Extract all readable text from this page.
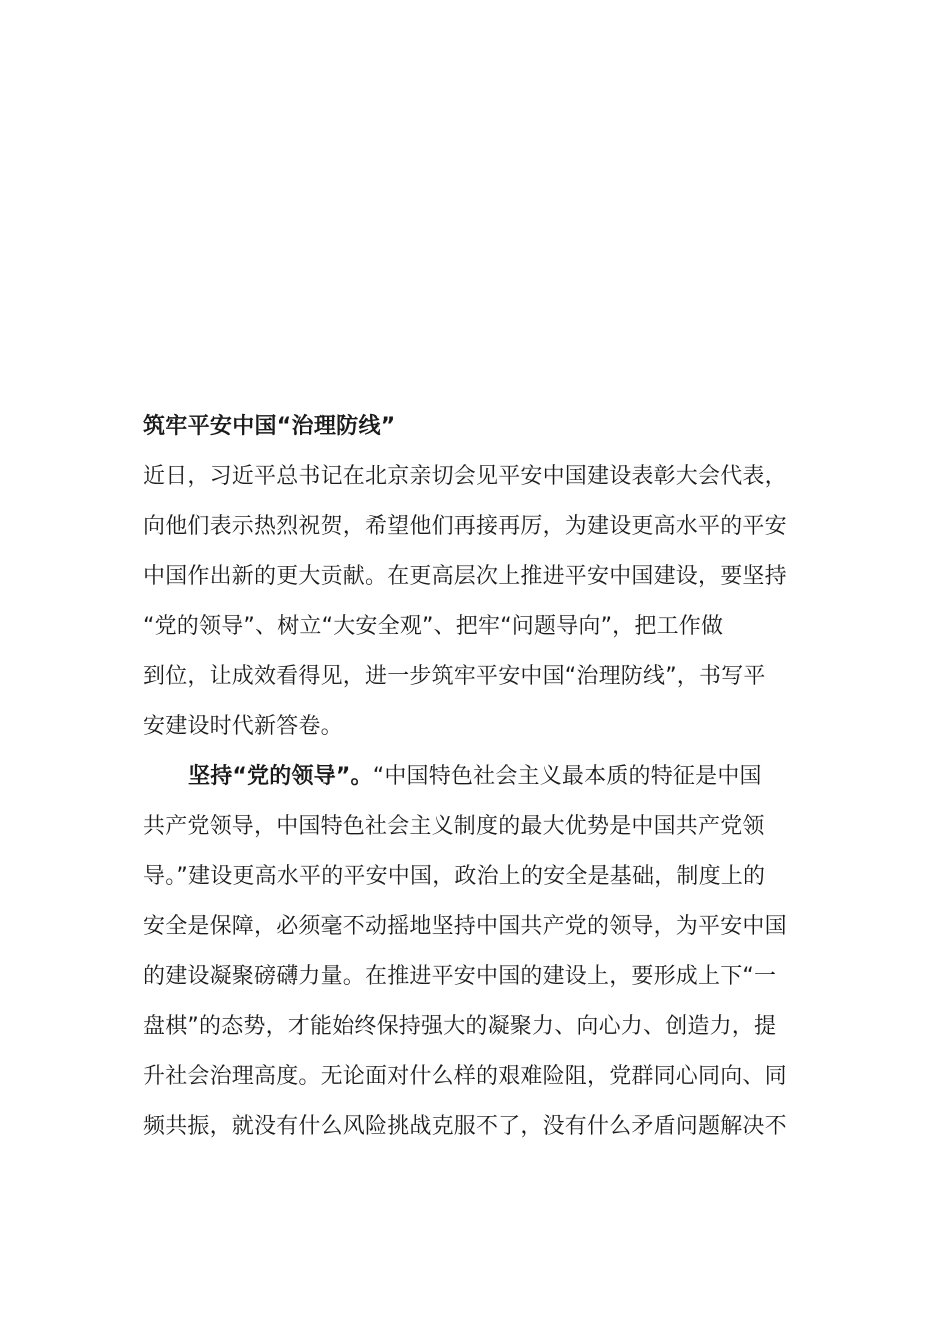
筑牢平安中国“治理防线”
近日，习近平总书记在北京亲切会见平安中国建设表彰大会代表，
向他们表示热烈祝贺，希望他们再接再厉，为建设更高水平的平安
中国作出新的更大贡献。在更高层次上推进平安中国建设，要坚持
“党的领导”、树立“大安全观”、把牢“问题导向”，把工作做
到位，让成效看得见，进一步筑牢平安中国“治理防线”，书写平
安建设时代新答卷。
坚持“党的领导”。“中国特色社会主义最本质的特征是中国
共产党领导，中国特色社会主义制度的最大优势是中国共产党领
导。”建设更高水平的平安中国，政治上的安全是基础，制度上的
安全是保障，必须毫不动摇地坚持中国共产党的领导，为平安中国
的建设凝聚磅礴力量。在推进平安中国的建设上，要形成上下“一
盘棋”的态势，才能始终保持强大的凝聚力、向心力、创造力，提
升社会治理高度。无论面对什么样的艰难险阻，党群同心同向、同
频共振，就没有什么风险挑战克服不了，没有什么矛盾问题解决不
